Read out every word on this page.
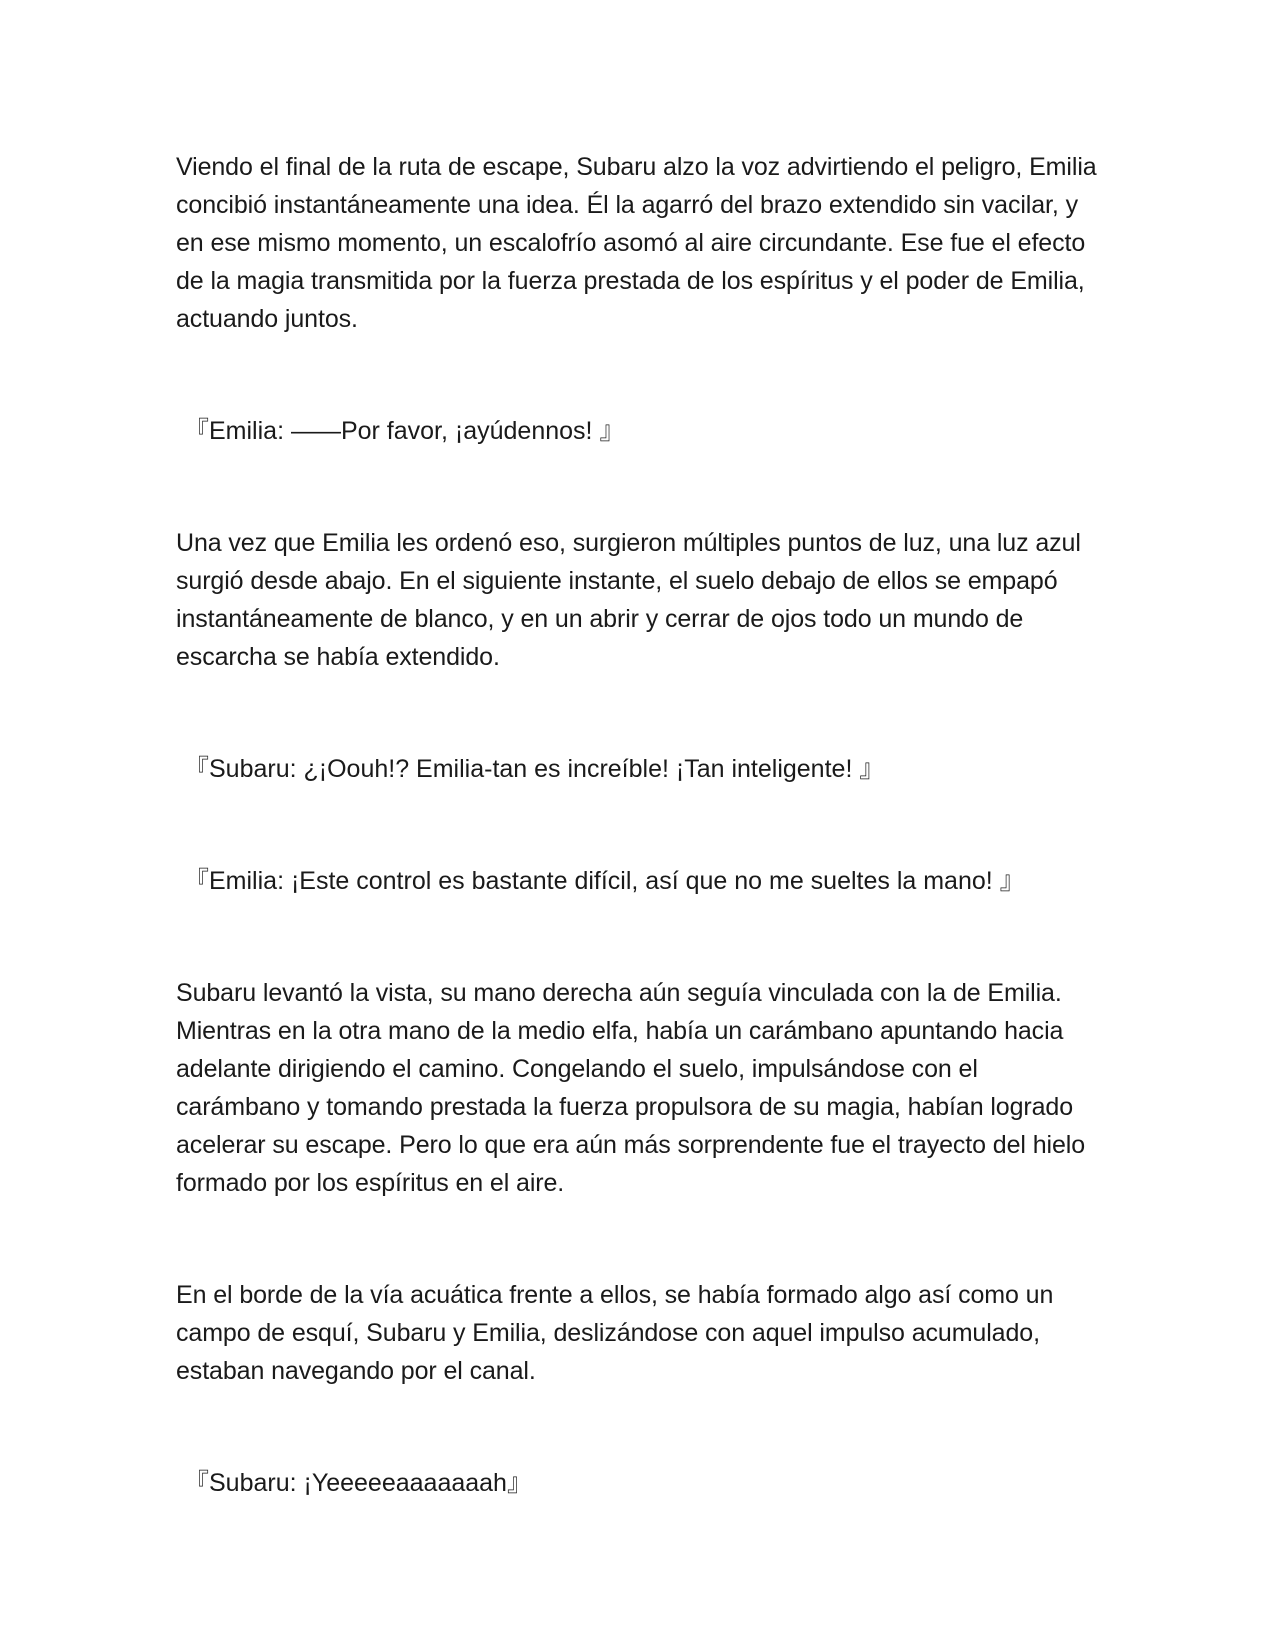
Viendo el final de la ruta de escape, Subaru alzo la voz advirtiendo el peligro, Emilia concibió instantáneamente una idea. Él la agarró del brazo extendido sin vacilar, y en ese mismo momento, un escalofrío asomó al aire circundante. Ese fue el efecto de la magia transmitida por la fuerza prestada de los espíritus y el poder de Emilia, actuando juntos.

『Emilia: ——Por favor, ¡ayúdennos! 』

Una vez que Emilia les ordenó eso, surgieron múltiples puntos de luz, una luz azul surgió desde abajo. En el siguiente instante, el suelo debajo de ellos se empapó instantáneamente de blanco, y en un abrir y cerrar de ojos todo un mundo de escarcha se había extendido.

『Subaru: ¿¡Oouh!? Emilia-tan es increíble! ¡Tan inteligente! 』

『Emilia: ¡Este control es bastante difícil, así que no me sueltes la mano! 』

Subaru levantó la vista, su mano derecha aún seguía vinculada con la de Emilia. Mientras en la otra mano de la medio elfa, había un carámbano apuntando hacia adelante dirigiendo el camino. Congelando el suelo, impulsándose con el carámbano y tomando prestada la fuerza propulsora de su magia, habían logrado acelerar su escape. Pero lo que era aún más sorprendente fue el trayecto del hielo formado por los espíritus en el aire.

En el borde de la vía acuática frente a ellos, se había formado algo así como un campo de esquí, Subaru y Emilia, deslizándose con aquel impulso acumulado, estaban navegando por el canal.

『Subaru: ¡Yeeeeeaaaaaaah』
